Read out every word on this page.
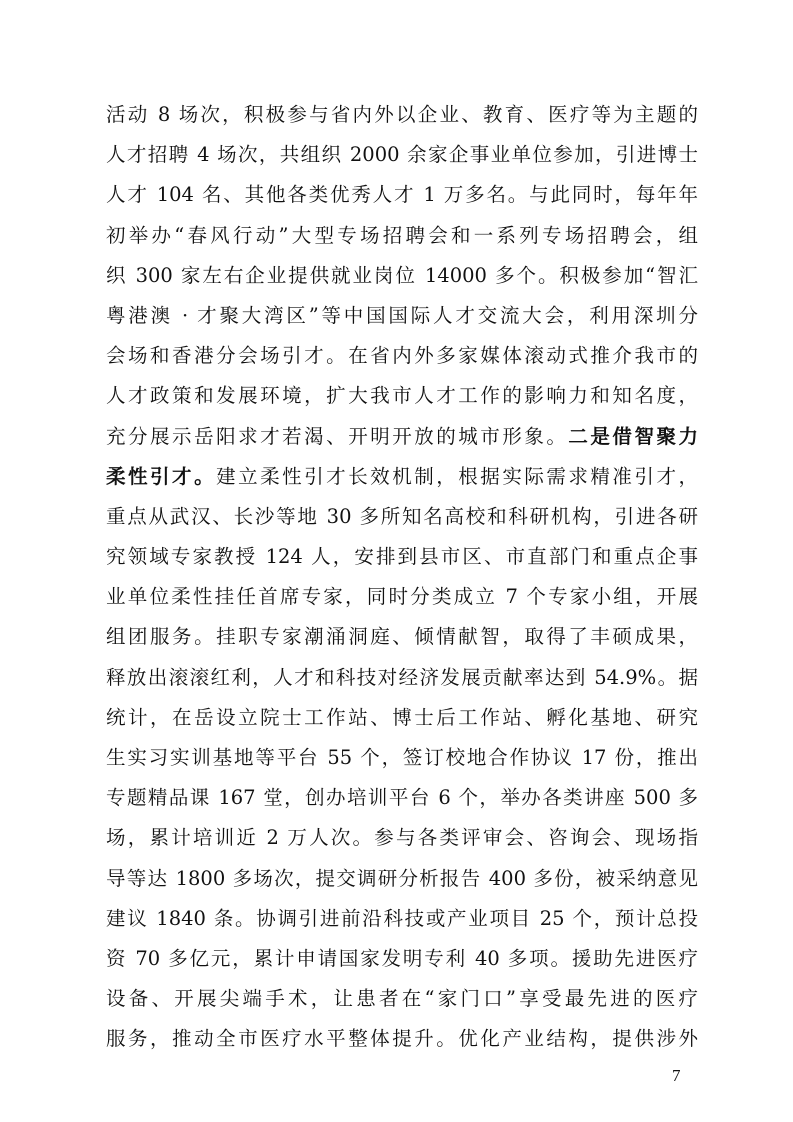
活动 8 场次，积极参与省内外以企业、教育、医疗等为主题的
人才招聘 4 场次，共组织 2000 余家企事业单位参加，引进博士
人才 104 名、其他各类优秀人才 1 万多名。与此同时，每年年
初举办“春风行动”大型专场招聘会和一系列专场招聘会，组
织 300 家左右企业提供就业岗位 14000 多个。积极参加“智汇
粤港澳 · 才聚大湾区”等中国国际人才交流大会，利用深圳分
会场和香港分会场引才。在省内外多家媒体滚动式推介我市的
人才政策和发展环境，扩大我市人才工作的影响力和知名度，
充分展示岳阳求才若渴、开明开放的城市形象。二是借智聚力
柔性引才。建立柔性引才长效机制，根据实际需求精准引才，
重点从武汉、长沙等地 30 多所知名高校和科研机构，引进各研
究领域专家教授 124 人，安排到县市区、市直部门和重点企事
业单位柔性挂任首席专家，同时分类成立 7 个专家小组，开展
组团服务。挂职专家潮涌洞庭、倾情献智，取得了丰硕成果，
释放出滚滚红利，人才和科技对经济发展贡献率达到 54.9%。据
统计，在岳设立院士工作站、博士后工作站、孵化基地、研究
生实习实训基地等平台 55 个，签订校地合作协议 17 份，推出
专题精品课 167 堂，创办培训平台 6 个，举办各类讲座 500 多
场，累计培训近 2 万人次。参与各类评审会、咨询会、现场指
导等达 1800 多场次，提交调研分析报告 400 多份，被采纳意见
建议 1840 条。协调引进前沿科技或产业项目 25 个，预计总投
资 70 多亿元，累计申请国家发明专利 40 多项。援助先进医疗
设备、开展尖端手术，让患者在“家门口”享受最先进的医疗
服务，推动全市医疗水平整体提升。优化产业结构，提供涉外
7
